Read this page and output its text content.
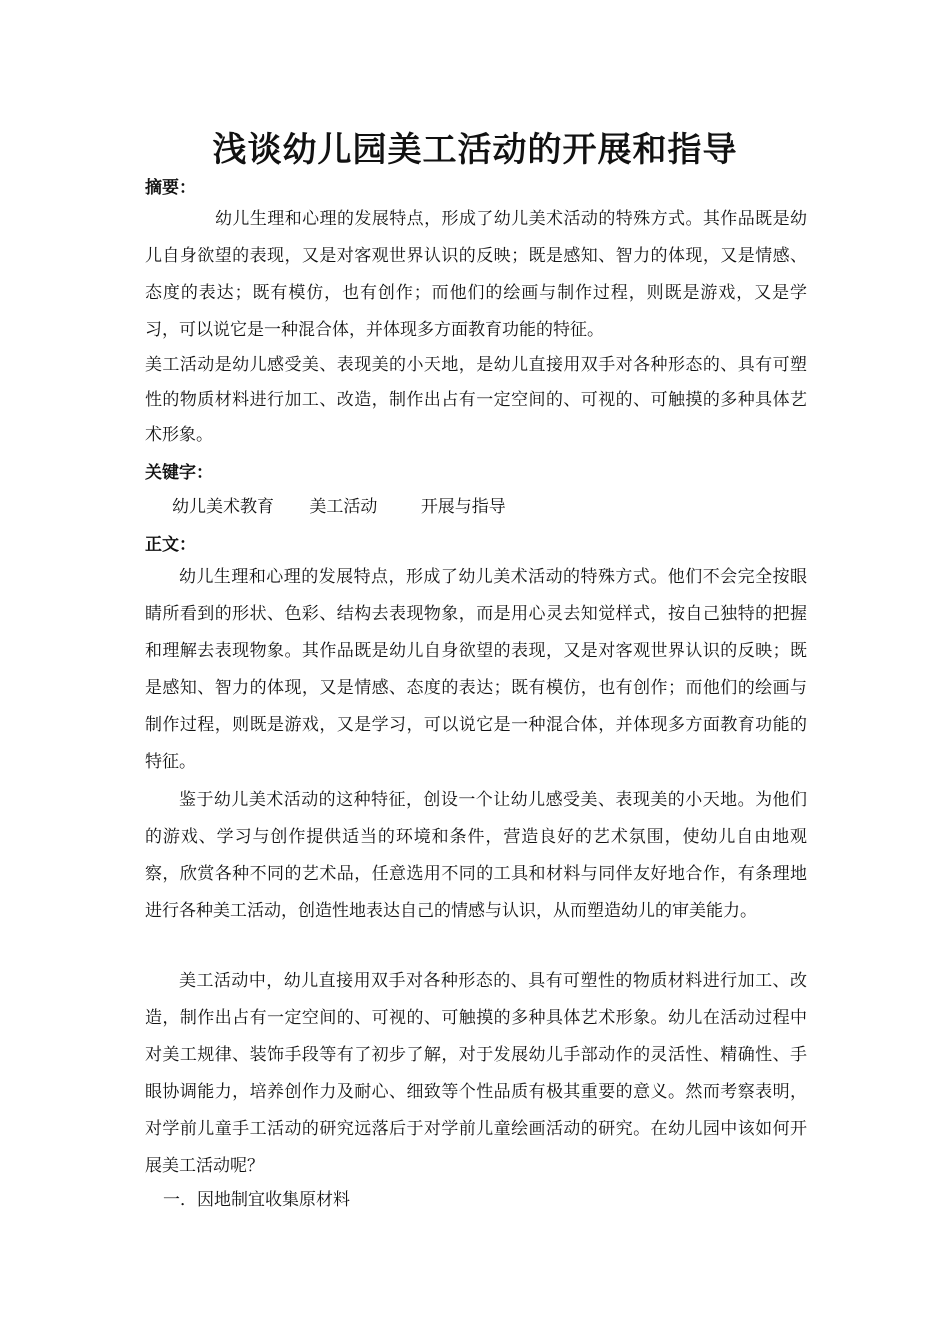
浅谈幼儿园美工活动的开展和指导
摘要：

幼儿生理和心理的发展特点，形成了幼儿美术活动的特殊方式。其作品既是幼儿自身欲望的表现，又是对客观世界认识的反映；既是感知、智力的体现，又是情感、态度的表达；既有模仿，也有创作；而他们的绘画与制作过程，则既是游戏，又是学习，可以说它是一种混合体，并体现多方面教育功能的特征。

美工活动是幼儿感受美、表现美的小天地，是幼儿直接用双手对各种形态的、具有可塑性的物质材料进行加工、改造，制作出占有一定空间的、可视的、可触摸的多种具体艺术形象。

关键字：
幼儿美术教育 美工活动	开展与指导
正文：

幼儿生理和心理的发展特点，形成了幼儿美术活动的特殊方式。他们不会完全按眼睛所看到的形状、色彩、结构去表现物象，而是用心灵去知觉样式，按自己独特的把握和理解去表现物象。其作品既是幼儿自身欲望的表现，又是对客观世界认识的反映；既是感知、智力的体现，又是情感、态度的表达；既有模仿，也有创作；而他们的绘画与制作过程，则既是游戏，又是学习，可以说它是一种混合体，并体现多方面教育功能的特征。

鉴于幼儿美术活动的这种特征，创设一个让幼儿感受美、表现美的小天地。为他们的游戏、学习与创作提供适当的环境和条件，营造良好的艺术氛围，使幼儿自由地观察，欣赏各种不同的艺术品，任意选用不同的工具和材料与同伴友好地合作，有条理地进行各种美工活动，创造性地表达自己的情感与认识，从而塑造幼儿的审美能力。

美工活动中，幼儿直接用双手对各种形态的、具有可塑性的物质材料进行加工、改造，制作出占有一定空间的、可视的、可触摸的多种具体艺术形象。幼儿在活动过程中对美工规律、装饰手段等有了初步了解，对于发展幼儿手部动作的灵活性、精确性、手眼协调能力，培养创作力及耐心、细致等个性品质有极其重要的意义。然而考察表明，对学前儿童手工活动的研究远落后于对学前儿童绘画活动的研究。在幼儿园中该如何开展美工活动呢？

一．因地制宜收集原材料
